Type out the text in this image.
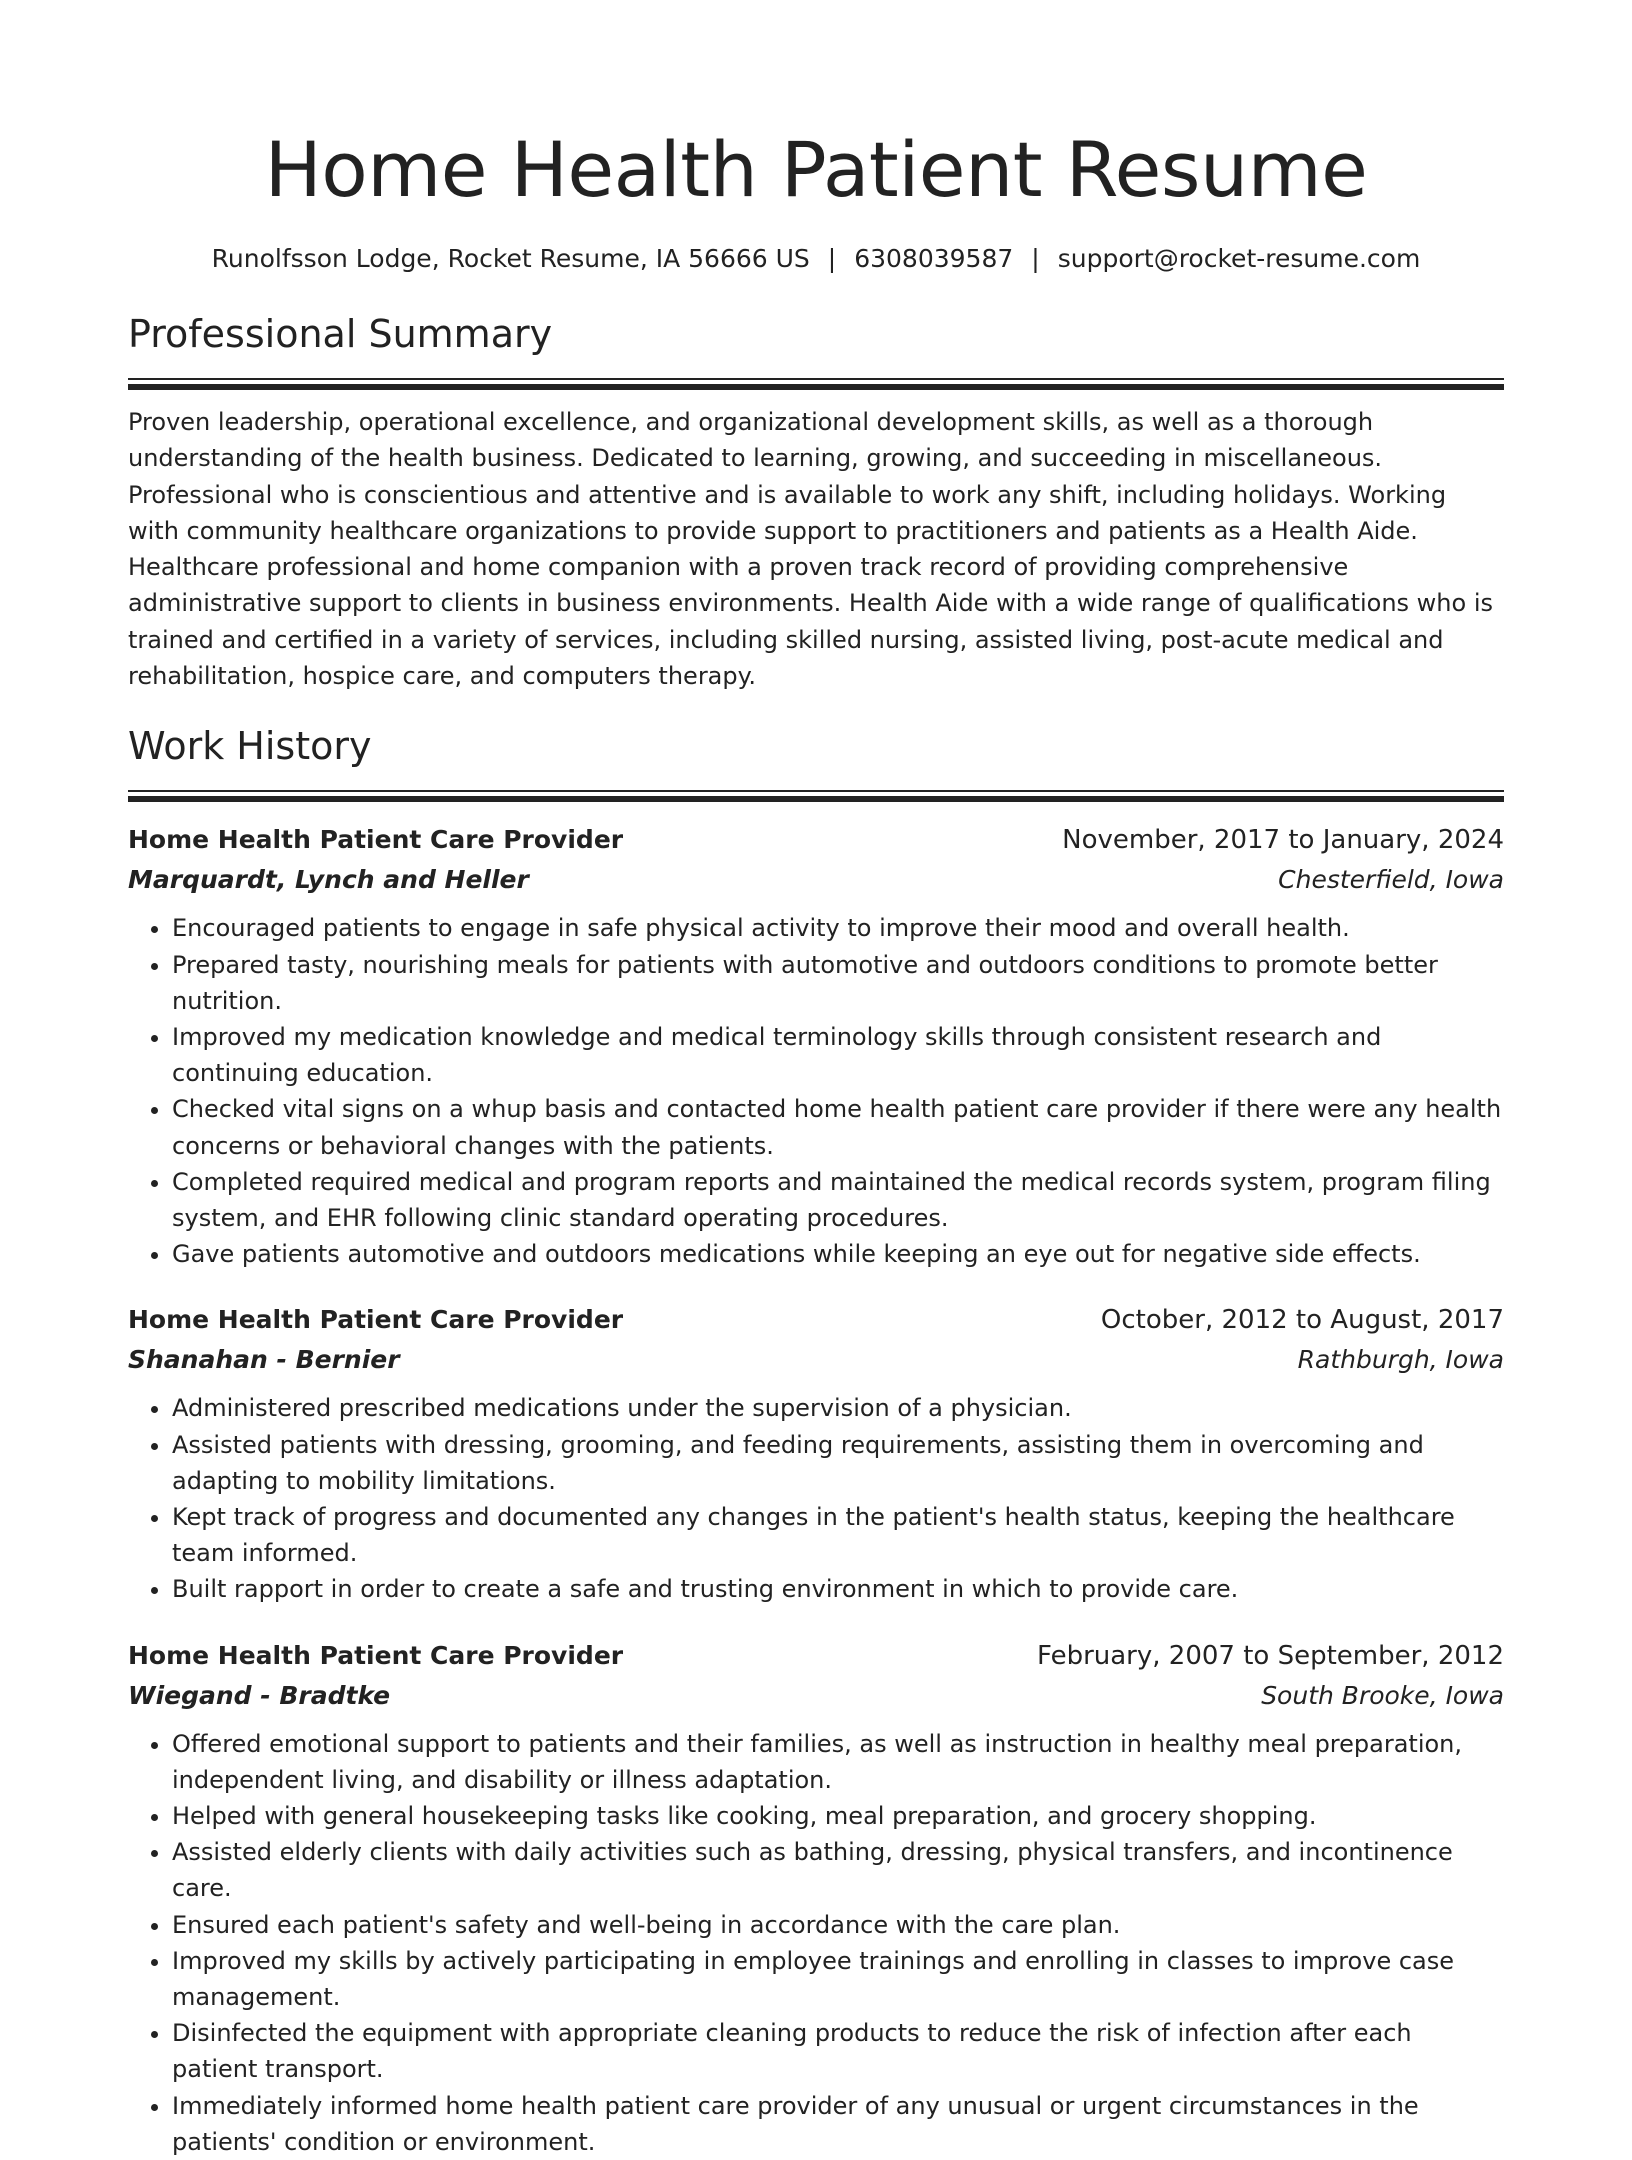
Home Health Patient Resume
Runolfsson Lodge, Rocket Resume, IA 56666 US | 6308039587 | support@rocket-resume.com
Professional Summary

Proven leadership, operational excellence, and organizational development skills, as well as a thorough understanding of the health business. Dedicated to learning, growing, and succeeding in miscellaneous. Professional who is conscientious and attentive and is available to work any shift, including holidays. Working with community healthcare organizations to provide support to practitioners and patients as a Health Aide. Healthcare professional and home companion with a proven track record of providing comprehensive administrative support to clients in business environments. Health Aide with a wide range of qualifications who is trained and certified in a variety of services, including skilled nursing, assisted living, post-acute medical and rehabilitation, hospice care, and computers therapy.

Work History
Home Health Patient Care Provider	November, 2017 to January, 2024
Marquardt, Lynch and Heller	Chesterfield, Iowa
• Encouraged patients to engage in safe physical activity to improve their mood and overall health.
• Prepared tasty, nourishing meals for patients with automotive and outdoors conditions to promote better nutrition.
• Improved my medication knowledge and medical terminology skills through consistent research and continuing education.
• Checked vital signs on a whup basis and contacted home health patient care provider if there were any health concerns or behavioral changes with the patients.
• Completed required medical and program reports and maintained the medical records system, program filing system, and EHR following clinic standard operating procedures.
• Gave patients automotive and outdoors medications while keeping an eye out for negative side effects.
Home Health Patient Care Provider	October, 2012 to August, 2017
Shanahan - Bernier	Rathburgh, Iowa
• Administered prescribed medications under the supervision of a physician.
• Assisted patients with dressing, grooming, and feeding requirements, assisting them in overcoming and adapting to mobility limitations.
• Kept track of progress and documented any changes in the patient's health status, keeping the healthcare team informed.
• Built rapport in order to create a safe and trusting environment in which to provide care.
Home Health Patient Care Provider	February, 2007 to September, 2012
Wiegand - Bradtke	South Brooke, Iowa
• Offered emotional support to patients and their families, as well as instruction in healthy meal preparation, independent living, and disability or illness adaptation.
• Helped with general housekeeping tasks like cooking, meal preparation, and grocery shopping.
• Assisted elderly clients with daily activities such as bathing, dressing, physical transfers, and incontinence care.
• Ensured each patient's safety and well-being in accordance with the care plan.
• Improved my skills by actively participating in employee trainings and enrolling in classes to improve case management.
• Disinfected the equipment with appropriate cleaning products to reduce the risk of infection after each patient transport.
• Immediately informed home health patient care provider of any unusual or urgent circumstances in the patients' condition or environment.
